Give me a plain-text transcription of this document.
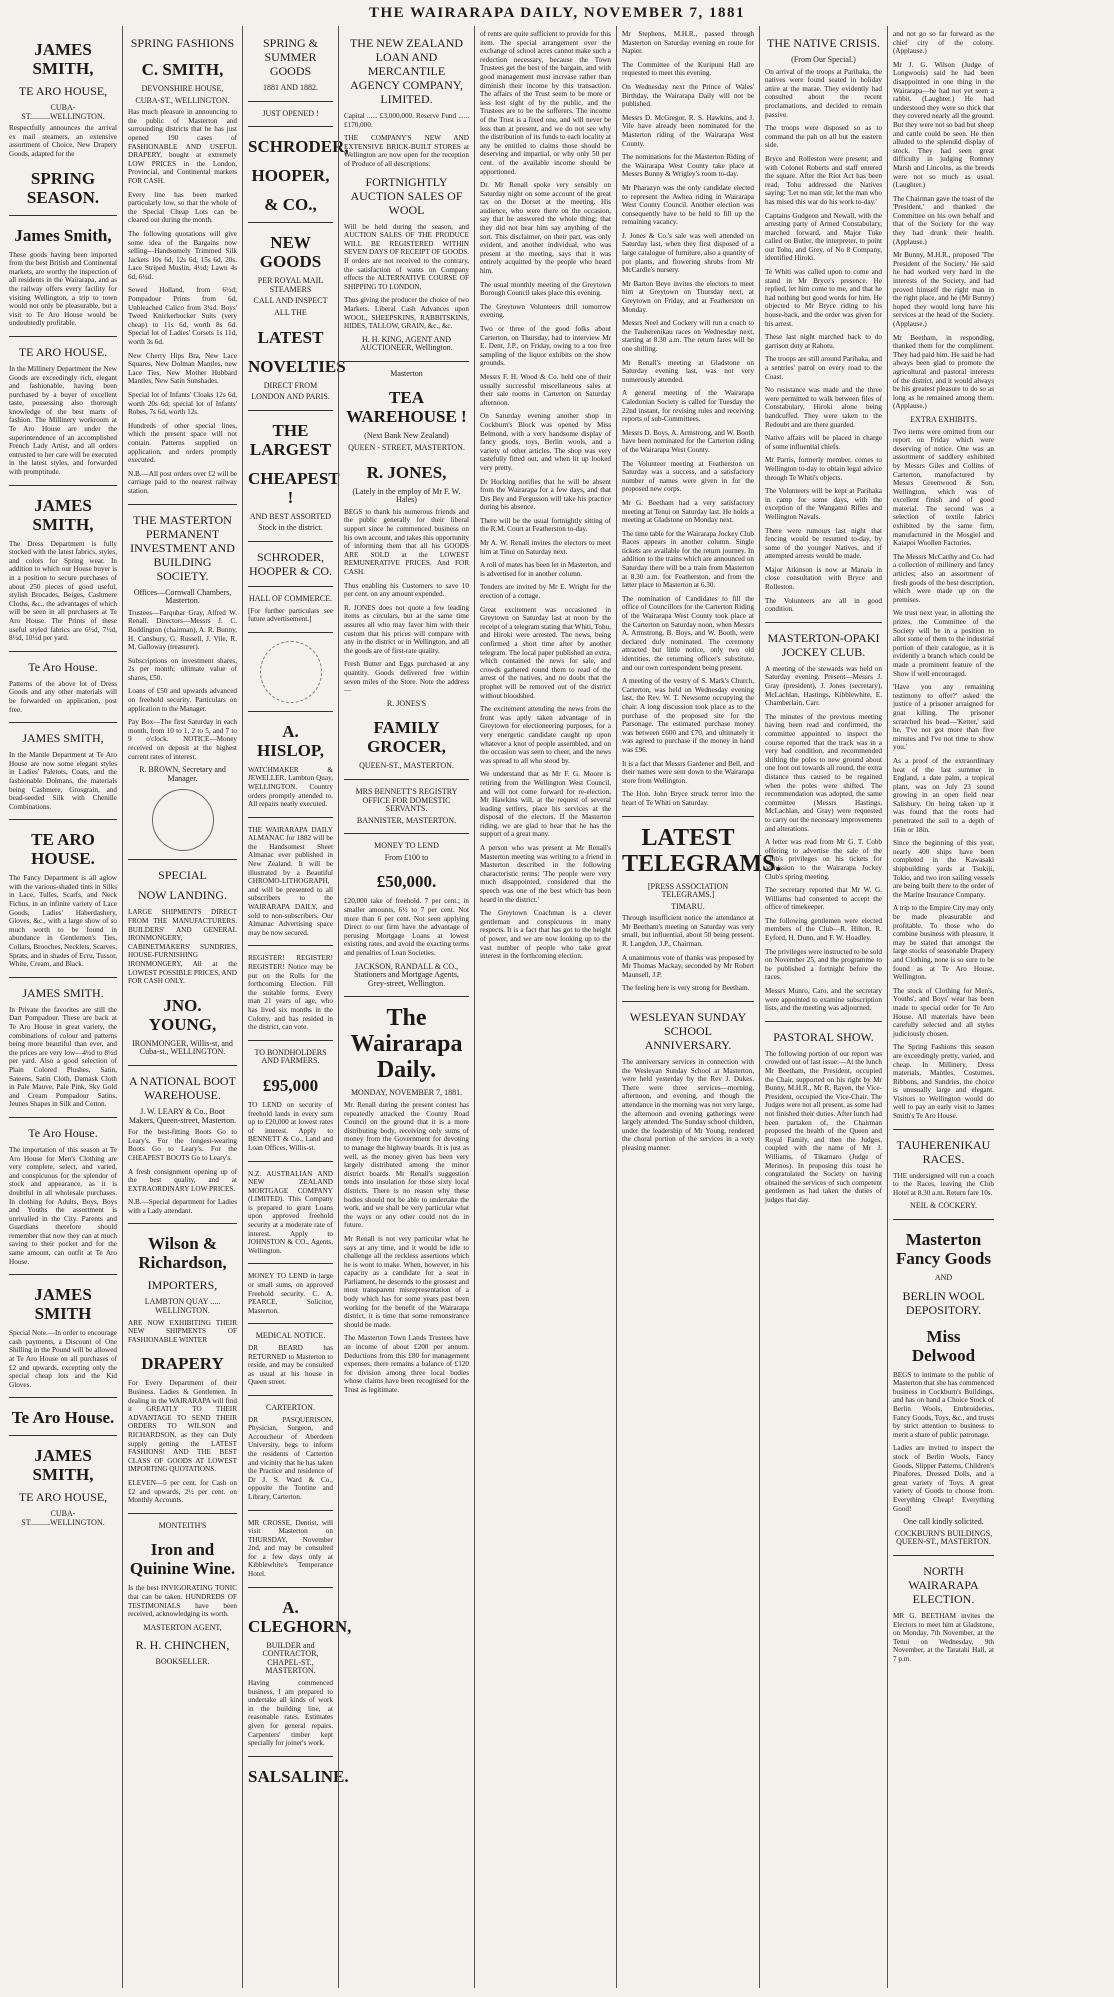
THE WAIRARAPA DAILY, NOVEMBER 7, 1881
JAMES SMITH,
TE ARO HOUSE,
CUBA-ST..........WELLINGTON.

Respectfully announces the arrival ex mail steamers, an extensive assortment of Choice, New Drapery Goods, adapted for the

SPRING SEASON.
James Smith,

These goods having been imported from the best British and Continental markets, are worthy the inspection of all residents in the Wairarapa, and as the railway offers every facility for visiting Wellington, a trip to town would not only be pleasurable, but a visit to Te Aro House would be undoubtedly profitable.

TE ARO HOUSE.

In the Millinery Department the New Goods are exceedingly rich, elegant and fashionable, having been purchased by a buyer of excellent taste, possessing also thorough knowledge of the best marts of fashion. The Millinery workroom at Te Aro House are under the superintendence of an accomplished French Lady Artist, and all orders entrusted to her care will be executed in the latest styles, and forwarded with promptitude.

JAMES SMITH,

The Dress Department is fully stocked with the latest fabrics, styles, and colors for Spring wear. In addition to which our House buyer is in a position to secure purchases of about 250 pieces of good useful, stylish Brocades, Beiges, Cashmere Cloths, &c., the advantages of which will be seen in all purchasers at Te Aro House. The Prints of these useful styled fabrics are 6½d, 7½d, 8½d, 10½d per yard.

Te Aro House.

Patterns of the above lot of Dress Goods and any other materials will be forwarded on application, post free.

JAMES SMITH,

In the Mantle Department at Te Aro House are now some elegant styles in Ladies' Paletots, Coats, and the fashionable Dolmans, the materials being Cashmere, Grosgrain, and bead-seeded Silk with Chenille Combinations.

TE ARO HOUSE.

The Fancy Department is all aglow with the various-shaded tints in Silks in Lace, Tulles, Scarfs, and Neck Fichus, in an infinite variety of Lace Goods, Ladies' Haberdashery, Gloves, &c., with a large show of so much worth to be found in abundance in Gentlemen's Ties, Collars, Brooches, Necklets, Scarves, Sprats, and in shades of Ecru, Tussor, White, Cream, and Black.

JAMES SMITH.

In Private the favorites are still the Dart Pompadour. These are back at Te Aro House in great variety, the combinations of colour and patterns being more beautiful than ever, and the prices are very low—4½d to 8½d per yard. Also a good selection of Plain Colored Plushes, Satin, Sateens, Satin Cloth, Damask Cloth in Pale Mauve, Pale Pink, Sky Gold and Cream Pompadour Satins, Jeunes Shapes in Silk and Cotton.

Te Aro House.

The importation of this season at Te Aro House for Men's Clothing are very complete, select, and varied, and conspicuous for the splendor of stock and appearance, as it is doubtful in all wholesale purchases. In clothing for Adults, Boys, Boys and Youths the assortment is unrivalled in the City. Parents and Guardians therefore should remember that now they can at much saving to their pocket and for the same amount, can outfit at Te Aro House.

JAMES SMITH

Special Note.—In order to encourage cash payments, a Discount of One Shilling in the Pound will be allowed at Te Aro House on all purchases of £2 and upwards, excepting only the special cheap lots and the Kid Gloves.

Te Aro House.
JAMES SMITH,
TE ARO HOUSE,
CUBA-ST..........WELLINGTON.
SPRING FASHIONS
C. SMITH,
DEVONSHIRE HOUSE,
CUBA-ST., WELLINGTON.

Has much pleasure in announcing to the public of Masterton and surrounding districts that he has just opened 190 cases of FASHIONABLE AND USEFUL DRAPERY, bought at extremely LOW PRICES in the London, Provincial, and Continental markets FOR CASH.

Every line has been marked particularly low, so that the whole of the Special Cheap Lots can be cleared out during the month.

The following quotations will give some idea of the Bargains now selling—Handsomely Trimmed Silk Jackets 10s 6d, 12s 6d, 15s 6d, 20s. Lace Striped Muslin, 4½d; Lawn 4s 6d, 6¼d.

Sewed Holland, from 6½d; Pompadour Prints from 6d, Unbleached Calico from 3¼d. Boys' Tweed Knickerbocker Suits (very cheap) to 11s 6d, worth 8s 6d. Special lot of Ladies' Corsets 1s 11d, worth 3s 6d.

New Cherry Hips Bra, New Lace Squares, New Dolman Mantles, new Lace Ties, New Mother Hubbard Mantles, New Satin Sunshades.

Special lot of Infants' Cloaks 12s 6d, worth 20s 6d; special lot of Infants' Robes, 7s 6d, worth 12s.

Hundreds of other special lines, which the present space will not contain. Patterns supplied on application, and orders promptly executed.

N.B.—All post orders over £2 will be carriage paid to the nearest railway station.

THE MASTERTON PERMANENT INVESTMENT AND BUILDING SOCIETY.
Offices—Cornwall Chambers, Masterton.

Trustees—Farquhar Gray, Alfred W. Renall. Directors—Messrs J. C. Boddington (chairman), A. R. Bunny, H. Cansbury, G. Russell, J. Vile, R. M. Galloway (treasurer).

Subscriptions on investment shares, 2s per month; ultimate value of shares, £50.

Loans of £50 and upwards advanced on freehold security. Particulars on application to the Manager.

Pay Box—The first Saturday in each month, from 10 to 1, 2 to 5, and 7 to 9 o'clock. NOTICE—Money received on deposit at the highest current rates of interest.

R. BROWN, Secretary and Manager.
SPECIAL
NOW LANDING.

LARGE SHIPMENTS DIRECT FROM THE MANUFACTURERS. BUILDERS' AND GENERAL IRONMONGERY, CABINETMAKERS' SUNDRIES, HOUSE-FURNISHING IRONMONGERY, All at the LOWEST POSSIBLE PRICES, AND FOR CASH ONLY.

JNO. YOUNG,
IRONMONGER, Willis-st, and Cuba-st., WELLINGTON.
A NATIONAL BOOT WAREHOUSE.
J. W. LEARY & Co., Boot Makers, Queen-street, Masterton.

For the best-fitting Boots Go to Leary's. For the longest-wearing Boots Go to Leary's. For the CHEAPEST BOOTS Go to Leary's.

A fresh consignment opening up of the best quality, and at EXTRAORDINARY LOW PRICES.

N.B.—Special department for Ladies with a Lady attendant.

Wilson & Richardson,
IMPORTERS,
LAMBTON QUAY ..... WELLINGTON.

ARE NOW EXHIBITING THEIR NEW SHIPMENTS OF FASHIONABLE WINTER

DRAPERY

For Every Department of their Business. Ladies & Gentlemen. In dealing in the WAIRARAPA will find it GREATLY TO THEIR ADVANTAGE TO SEND THEIR ORDERS TO WILSON and RICHARDSON, as they can Duly supply getting the LATEST FASHIONS! AND THE BEST CLASS OF GOODS AT LOWEST IMPORTING QUOTATIONS.

ELEVEN—5 per cent. for Cash on £2 and upwards, 2½ per cent. on Monthly Accounts.

MONTEITH'S
Iron and Quinine Wine.

Is the best INVIGORATING TONIC that can be taken. HUNDREDS OF TESTIMONIALS have been received, acknowledging its worth.

MASTERTON AGENT,
R. H. CHINCHEN,
BOOKSELLER.
SPRING & SUMMER GOODS
1881 AND 1882.
JUST OPENED !
SCHRODER,
HOOPER,
& CO.,
NEW GOODS
PER ROYAL MAIL STEAMERS
CALL AND INSPECT
ALL THE
LATEST
NOVELTIES
DIRECT FROM
LONDON AND PARIS.
THE LARGEST
CHEAPEST !
AND BEST ASSORTED
Stock in the district.
SCHRODER, HOOPER & CO.
HALL OF COMMERCE.

[For further particulars see future advertisement.]

A. HISLOP,

WATCHMAKER & JEWELLER, Lambton Quay, WELLINGTON. Country orders promptly attended to. All repairs neatly executed.

THE WAIRARAPA DAILY ALMANAC for 1882 will be the Handsomest Sheet Almanac ever published in New Zealand. It will be illustrated by a Beautiful CHROMO-LITHOGRAPH, and will be presented to all subscribers to the WAIRARAPA DAILY, and sold to non-subscribers. Our Almanac Advertising space may be now secured.

REGISTER! REGISTER! REGISTER! Notice may be put on the Rolls for the forthcoming Election. Fill the suitable forms. Every man 21 years of age, who has lived six months in the Colony, and has resided in the district, can vote.

TO BONDHOLDERS AND FARMERS.
£95,000

TO LEND on security of freehold lands in every sum up to £20,000 at lowest rates of interest. Apply to BENNETT & Co., Land and Loan Offices, Willis-st.

N.Z. AUSTRALIAN AND NEW ZEALAND MORTGAGE COMPANY (LIMITED). This Company is prepared to grant Loans upon approved freehold security at a moderate rate of interest. Apply to JOHNSTON & CO., Agents, Wellington.

MONEY TO LEND in large or small sums, on approved Freehold security. C. A. PEARCE, Solicitor, Masterton.

MEDICAL NOTICE.

DR BEARD has RETURNED to Masterton to reside, and may be consulted as usual at his house in Queen street.

CARTERTON.

DR PASQUERISON, Physician, Surgeon, and Accoucheur of Aberdeen University, begs to inform the residents of Carterton and vicinity that he has taken the Practice and residence of Dr J. S. Ward & Co., opposite the Tontine and Library, Carterton.

MR CROSSE, Dentist, will visit Masterton on THURSDAY, November 2nd, and may be consulted for a few days only at Kibblewhite's Temperance Hotel.

A. CLEGHORN,
BUILDER and CONTRACTOR, CHAPEL-ST., MASTERTON.

Having commenced business, I am prepared to undertake all kinds of work in the building line, at reasonable rates. Estimates given for general repairs. Carpenters' timber kept specially for joiner's work.

SALSALINE.
THE NEW ZEALAND LOAN AND MERCANTILE AGENCY COMPANY, LIMITED.

Capital ...... £3,000,000. Reserve Fund ...... £170,000.

THE COMPANY'S NEW AND EXTENSIVE BRICK-BUILT STORES at Wellington are now open for the reception of Produce of all descriptions.

FORTNIGHTLY AUCTION SALES OF WOOL

Will be held during the season, and AUCTION SALES OF THE PRODUCE WILL BE REGISTERED WITHIN SEVEN DAYS OF RECEIPT OF GOODS. If orders are not received to the contrary, the satisfaction of wants on Company effects the ALTERNATIVE COURSE OF SHIPPING TO LONDON,

Thus giving the producer the choice of two Markets. Liberal Cash Advances upon WOOL, SHEEPSKINS, RABBITSKINS, HIDES, TALLOW, GRAIN, &c., &c.

H. H. KING, AGENT AND AUCTIONEER, Wellington.
Masterton
TEA WAREHOUSE !
(Next Bank New Zealand)
QUEEN - STREET, MASTERTON.
R. JONES,
(Lately in the employ of Mr F. W. Hales)

BEGS to thank his numerous friends and the public generally for their liberal support since he commenced business on his own account, and takes this opportunity of informing them that all his GOODS ARE SOLD at the LOWEST REMUNERATIVE PRICES. And FOR CASH.

Thus enabling his Customers to save 10 per cent. on any amount expended.

R. JONES does not quote a few leading items as circulars, but at the same time assures all who may favor him with their custom that his prices will compare with any in the district or in Wellington, and all the goods are of first-rate quality.

Fresh Butter and Eggs purchased at any quantity. Goods delivered free within seven miles of the Store. Note the address—

R. JONES'S
FAMILY GROCER,
QUEEN-ST., MASTERTON.
MRS BENNETT'S REGISTRY OFFICE FOR DOMESTIC SERVANTS.
BANNISTER, MASTERTON.
MONEY TO LEND
From £100 to
£50,000.

£20,000 take of freehold. 7 per cent.; in smaller amounts, 6½ to 7 per cent. Not more than 6 per cent. Not seen applying Direct to our firm have the advantage of perusing Mortgage Loans at lowest existing rates, and avoid the exacting terms and penalties of Loan Societies.

JACKSON, RANDALL & CO., Stationers and Mortgage Agents, Grey-street, Wellington.
The Wairarapa Daily.
MONDAY, NOVEMBER 7, 1881.

Mr. Renall during the present contest has repeatedly attacked the County Road Council on the ground that it is a more distributing body, receiving only sums of money from the Government for devoting to manage the highway boards. It is just as well, as the money given has been very largely distributed among the minor district boards. Mr Renall's suggestion tends into insulation for those sixty local districts. There is no reason why these bodies should not be able to undertake the work, and we shall be very particular what the ways or any other could not do in future.

Mr Renall is not very particular what he says at any time, and it would be idle to challenge all the reckless assertions which he is wont to make. When, however, in his capacity as a candidate for a seat in Parliament, he descends to the grossest and most transparent misrepresentation of a body which has for some years past been working for the benefit of the Wairarapa district, it is time that some remonstrance should be made.

The Masterton Town Lands Trustees have an income of about £200 per annum. Deductions from this £80 for management expenses, there remains a balance of £120 for division among three local bodies whose claims have been recognised for the Trust as legitimate.

of rents are quite sufficient to provide for this item. The special arrangement over the exchange of school acres cannot make such a reduction necessary, because the Town Trustees get the best of the bargain, and with good management must increase rather than diminish their income by this transaction. The affairs of the Trust seem to be more or less lost sight of by the public, and the Trustees are to be the sufferers. The income of the Trust is a fixed one, and will never be less than at present, and we do not see why the distribution of its funds to each locality at any be entitled to claims those should be deserving and impartial, or why only 50 per cent. of the available income should be apportioned.

Dr. Mr Renall spoke very sensibly on Saturday night on some account of the great tax on the Dorset at the meeting. His audience, who were there on the occasion, say that he answered the whole thing; that they did not hear him say anything of the sort. This disclaimer, on their part, was only evident, and another individual, who was present at the meeting, says that it was entirely acquitted by the people who heard him.

The usual monthly meeting of the Greytown Borough Council takes place this evening.

The Greytown Volunteers drill tomorrow evening.

Two or three of the good folks about Carterton, on Thursday, had to interview Mr E. Dent, J.P., on Friday, owing to a too free sampling of the liquor exhibits on the show grounds.

Messrs F. H. Wood & Co. held one of their usually successful miscellaneous sales at their sale rooms in Carterton on Saturday afternoon.

On Saturday evening another shop in Cockburn's Block was opened by Miss Belmond, with a very handsome display of fancy goods, toys, Berlin wools, and a variety of other articles. The shop was very tastefully fitted out, and when lit up looked very pretty.

Dr Hocking notifies that he will be absent from the Wairarapa for a few days, and that Drs Bey and Fergusson will take his practice during his absence.

There will be the usual fortnightly sitting of the R.M. Court at Featherston to-day.

Mr A. W. Renall invites the electors to meet him at Tinui on Saturday next.

A roll of mates has been let in Masterton, and is advertised for in another column.

Tenders are invited by Mr E. Wright for the erection of a cottage.

Great excitement was occasioned in Greytown on Saturday last at noon by the receipt of a telegram stating that Whiti, Tohu, and Hiroki were arrested. The news, being confirmed a short time after by another telegram. The local paper published an extra, which contained the news for sale, and crowds gathered round them to read of the arrest of the natives, and no doubt that the prophet will be removed out of the district without bloodshed.

The excitement attending the news from the front was aptly taken advantage of in Greytown for electioneering purposes, for a very energetic candidate caught up upon whatever a knot of people assembled, and on the occasion was seen to cheer, and the news was spread to all who stood by.

We understand that as Mr F. G. Moore is retiring from the Wellington West Council, and will not come forward for re-election, Mr Hawkins will, at the request of several leading settlers, place his services at the disposal of the electors. If the Masterton riding, we are glad to hear that he has the support of a great many.

A person who was present at Mr Renall's Masterton meeting was writing to a friend in Masterton described in the following characteristic terms: 'The people were very much disappointed, considered that the speech was one of the best which has been heard in the district.'

The Greytown Coachman is a clever gentleman and conspicuous in many respects. It is a fact that has got to the height of power, and we are now looking up to the vast number of people who take great interest in the forthcoming election.

Mr Stephens, M.H.R., passed through Masterton on Saturday evening en route for Napier.

The Committee of the Kuripuni Hall are requested to meet this evening.

On Wednesday next the Prince of Wales' Birthday, the Wairarapa Daily will not be published.

Messrs D. McGregor, R. S. Hawkins, and J. Vile have already been nominated for the Masterton riding of the Wairarapa West County.

The nominations for the Masterton Riding of the Wairarapa West County take place at Messrs Bunny & Wrigley's room to-day.

Mr Pharazyn was the only candidate elected to represent the Awhea riding in Wairarapa West County Council. Another election was consequently have to be held to fill up the remaining vacancy.

J. Jones & Co.'s sale was well attended on Saturday last, when they first disposed of a large catalogue of furniture, also a quantity of pot plants, and flowering shrubs from Mr McCardle's nursery.

Mr Barton Beye invites the electors to meet him at Greytown on Thursday next, at Greytown on Friday, and at Featherston on Monday.

Messrs Neel and Cockery will run a coach to the Tauherenikau races on Wednesday next, starting at 8.30 a.m. The return fares will be one shilling.

Mr Renall's meeting at Gladstone on Saturday evening last, was not very numerously attended.

A general meeting of the Wairarapa Caledonian Society is called for Tuesday the 22nd instant, for revising rules and receiving reports of sub-Committees.

Messrs D. Boys, A. Armstrong, and W. Booth have been nominated for the Carterton riding of the Wairarapa West County.

The Volunteer meeting at Featherston on Saturday was a success, and a satisfactory number of names were given in for the proposed new corps.

Mr G. Beetham had a very satisfactory meeting at Tenui on Saturday last. He holds a meeting at Gladstone on Monday next.

The time table for the Wairarapa Jockey Club Races appears in another column. Single tickets are available for the return journey. In addition to the trains which are announced on Saturday there will be a train from Masterton at 8.30 a.m. for Featherston, and from the latter place to Masterton at 6.30.

The nomination of Candidates to fill the office of Councillors for the Carterton Riding of the Wairarapa West County took place at the Carterton on Saturday noon, when Messrs A. Armstrong, B. Boys, and W. Booth, were declared duly nominated. The ceremony attracted but little notice, only two old identities, the returning officer's substitute, and our own correspondent being present.

A meeting of the vestry of S. Mark's Church, Carterton, was held on Wednesday evening last, the Rev. W. T. Newsome occupying the chair. A long discussion took place as to the purchase of the proposed site for the Parsonage. The estimated purchase money was between £600 and £70, and ultimately it was agreed to purchase if the money in hand was £96.

It is a fact that Messrs Gardener and Bell, and their names were sent down to the Wairarapa store from Wellington.

The Hon. John Bryce struck terror into the heart of Te Whiti on Saturday.

LATEST TELEGRAMS.
[PRESS ASSOCIATION TELEGRAMS.]
TIMARU.

Through insufficient notice the attendance at Mr Beetham's meeting on Saturday was very small, but influential, about 50 being present. R. Langdon, J.P., Chairman.

A unanimous vote of thanks was proposed by Mr Thomas Mackay, seconded by Mr Robert Maunsell, J.P.

The feeling here is very strong for Beetham.

WESLEYAN SUNDAY SCHOOL ANNIVERSARY.

The anniversary services in connection with the Wesleyan Sunday School at Masterton, were held yesterday by the Rev J. Dukes. There were three services—morning, afternoon, and evening, and though the attendance in the morning was not very large, the afternoon and evening gatherings were largely attended. The Sunday school children, under the leadership of Mr Young, rendered the choral portion of the services in a very pleasing manner.

THE NATIVE CRISIS.
(From Our Special.)

On arrival of the troops at Parihaka, the natives were found seated in holiday attire at the marae. They evidently had consulted about the recent proclamations, and decided to remain passive.

The troops were disposed so as to command the pah on all but the eastern side.

Bryce and Rolleston were present; and with Colonel Roberts and staff entered the square. After the Riot Act has been read, Tohu addressed the Natives saying: 'Let no man stir, let the man who has mised this war do his work to-day.'

Captains Gudgeon and Newall, with the arresting party of Armed Constabulary, marched forward, and Major Tuke called on Butler, the interpreter, to point out Tohu, and Grey, of No 8 Company, identified Hiroki.

Te Whiti was called upon to come and stand in Mr Bryce's presence. He replied, let him come to me, and that he had nothing but good words for him. He objected to Mr Bryce riding to his house-back, and the order was given for his arrest.

These last night marched back to do garrison duty at Rahotu.

The troops are still around Parihaka, and a sentries' patrol on every road to the Coast.

No resistance was made and the three were permitted to walk between files of Constabulary, Hiroki alone being handcuffed. They were taken to the Redoubt and are there guarded.

Native affairs will be placed in charge of some influential chiefs.

Mr Parris, formerly member, comes to Wellington to-day to obtain legal advice through Te Whiti's objects.

The Volunteers will be kept at Parihaka in camp for some days, with the exception of the Wanganui Rifles and Wellington Navals.

There were rumours last night that fencing would be resumed to-day, by some of the younger Natives, and if attempted arrests would be made.

Major Atkinson is now at Manaia in close consultation with Bryce and Rolleston.

The Volunteers are all in good condition.

MASTERTON-OPAKI JOCKEY CLUB.

A meeting of the stewards was held on Saturday evening. Present—Messrs J. Gray (president), J. Jones (secretary), McLachlan, Hastings, Kibblewhite, E. Chamberlain, Carr.

The minutes of the previous meeting having been read and confirmed, the committee appointed to inspect the course reported that the track was in a very bad condition, and recommended shifting the poles to new ground about one foot out towards all round, the extra distance thus caused to be regained when the poles were shifted. The recommendation was adopted, the same committee (Messrs Hastings, McLachlan, and Gray) were requested to carry out the necessary improvements and alterations.

A letter was read from Mr G. T. Cobb offering to advertise the sale of the Club's privileges on his tickets for admission to the Wairarapa Jockey Club's spring meeting.

The secretary reported that Mr W. G. Williams had consented to accept the office of timekeeper.

The following gentlemen were elected members of the Club—R. Hilton, R. Eyford, H. Dunn, and F. W. Hoadley.

The privileges were instructed to be sold on November 25, and the programme to be published a fortnight before the races.

Messrs Munro, Caro, and the secretary were appointed to examine subscription lists, and the meeting was adjourned.

PASTORAL SHOW.

The following portion of our report was crowded out of last issue:—At the lunch Mr Beetham, the President, occupied the Chair, supported on his right by Mr Bunny, M.H.R., Mr R. Rayen, the Vice-President, occupied the Vice-Chair. The Judges were not all present, as some had not finished their duties. After lunch had been partaken of, the Chairman proposed the health of the Queen and Royal Family, and then the Judges, coupled with the name of Mr J. Williams, of Tikamaro (Judge of Merinos). In proposing this toast he congratulated the Society on having obtained the services of such competent gentlemen as had taken the duties of judges that day.

and not go so far forward as the chief city of the colony. (Applause.)

Mr J. G. Wilson (Judge of Longwools) said he had been disappointed in one thing in the Wairarapa—he had not yet seen a rabbit. (Laughter.) He had understood they were so thick that they covered nearly all the ground. But they were not so bad but sheep and cattle could be seen. He then alluded to the splendid display of stock. They had seen great difficulty in judging Romney Marsh and Lincolns, as the breeds were not so much as usual. (Laughter.)

The Chairman gave the toast of the 'President,' and thanked the Committee on his own behalf and that of the Society for the way they had drunk their health. (Applause.)

Mr Bunny, M.H.R., proposed 'The President of the Society.' He said he had worked very hard in the interests of the Society, and had proved himself the right man in the right place, and he (Mr Bunny) hoped they would long have his services at the head of the Society. (Applause.)

Mr Beetham, in responding, thanked them for the compliment. They had paid him. He said he had always been glad to promote the agricultural and pastoral interests of the district, and it would always be his greatest pleasure to do so as long as he remained among them. (Applause.)

EXTRA EXHIBITS.

Two items were omitted from our report on Friday which were deserving of notice. One was an assortment of saddlery exhibited by Messrs Giles and Collins of Carterton, manufactured by Messrs Greenwood & Son, Wellington, which was of excellent finish and of good material. The second was a selection of textile fabrics exhibited by the same firm, manufactured in the Mosgiel and Kaiapoi Woollen Factories.

The Messrs McCarthy and Co. had a collection of millinery and fancy articles; also an assortment of fresh goods of the best description, which were made up on the premises.

We trust next year, in allotting the prizes, the Committee of the Society will be in a position to allot some of them to the industrial portion of their catalogue, as it is evidently a branch which could be made a prominent feature of the Show if well encouraged.

'Have you any remaining testimony to offer?' asked the justice of a prisoner arraigned for goat killing. The prisoner scratched his head—'Ketter,' said he, 'I've not got more than five minutes and I've not time to show you.'

As a proof of the extraordinary heat of the last summer in England, a date palm, a tropical plant, was on July 23 sound growing in an open field near Salisbury. On being taken up it was found that the roots had penetrated the soil to a depth of 16in or 18in.

Since the beginning of this year, nearly 400 ships have been completed in the Kawasaki shipbuilding yards at Tsukiji, Tokio, and two iron sailing vessels are being built there to the order of the Marine Insurance Company.

A trip to the Empire City may only be made pleasurable and profitable. To those who do combine business with pleasure, it may be stated that amongst the large stocks of seasonable Drapery and Clothing, none is so sure to be found as at Te Aro House, Wellington.

The stock of Clothing for Men's, Youths', and Boys' wear has been made to special order for Te Aro House. All materials have been carefully selected and all styles judiciously chosen.

The Spring Fashions this season are exceedingly pretty, varied, and cheap. In Millinery, Dress materials, Mantles, Costumes, Ribbons, and Sundries, the choice is unusually large and elegant. Visitors to Wellington would do well to pay an early visit to James Smith's Te Aro House.

TAUHERENIKAU RACES.

THE undersigned will run a coach to the Races, leaving the Club Hotel at 8.30 a.m. Return fare 10s.

NEIL & COCKERY.
Masterton Fancy Goods
AND
BERLIN WOOL DEPOSITORY.
Miss Delwood

BEGS to intimate to the public of Masterton that she has commenced business in Cockburn's Buildings, and has on hand a Choice Stock of Berlin Wools, Embroideries, Fancy Goods, Toys, &c., and trusts by strict attention to business to merit a share of public patronage.

Ladies are invited to inspect the stock of Berlin Wools, Fancy Goods, Slipper Patterns, Children's Pinafores, Dressed Dolls, and a great variety of Toys. A great variety of Goods to choose from. Everything Cheap! Everything Good!

One call kindly solicited.
COCKBURN'S BUILDINGS, QUEEN-ST., MASTERTON.
NORTH WAIRARAPA ELECTION.

MR G. BEETHAM invites the Electors to meet him at Gladstone, on Monday, 7th November, at the Tenui on Wednesday, 9th November, at the Taratahi Hall, at 7 p.m.
